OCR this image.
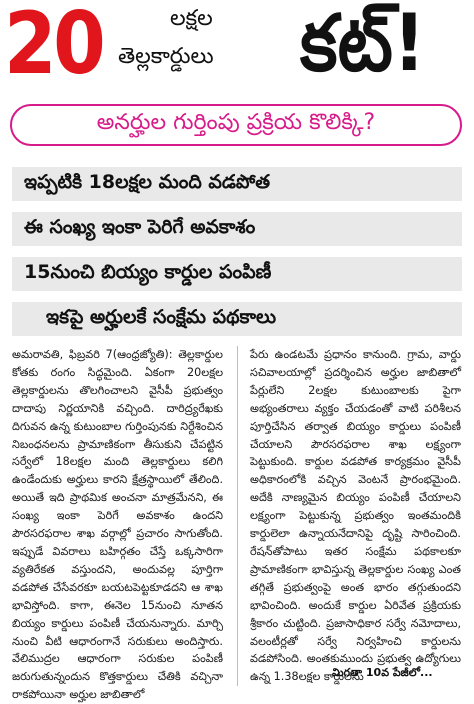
20	లక్షల
తెల్లకార్డులు కట్!
అనర్హుల గుర్తింపు ప్రక్రియ కొలిక్కి?
ఇప్పటికి 18లక్షల మంది వడపోత
ఈ సంఖ్య ఇంకా పెరిగే అవకాశం
15నుంచి బియ్యం కార్డుల పంపిణీ
ఇకపై అర్హులకే సంక్షేమ పథకాలు

అమరావతి, ఫిబ్రవరి 7(ఆంధ్రజ్యోతి): తెల్లకార్డుల కోతకు రంగం సిద్ధమైంది. ఏకంగా 20లక్షల తెల్లకార్డులను తొలగించాలని వైసీపీ ప్రభుత్వం దాదాపు నిర్ణయానికి వచ్చింది. దారిద్ర్యరేఖకు దిగువన ఉన్న కుటుంబాల గుర్తింపునకు నిర్దేశించిన నిబంధనలను ప్రామాణికంగా తీసుకుని చేపట్టిన సర్వేలో 18లక్షల మంది తెల్లకార్డులు కలిగి ఉండేందుకు అర్హులు కారని క్షేత్రస్థాయిలో తేలింది. అయితే ఇది ప్రాథమిక అంచనా మాత్రమేనని, ఈ సంఖ్య ఇంకా పెరిగే అవకాశం ఉందని పౌరసరఫరాల శాఖ వర్గాల్లో ప్రచారం సాగుతోంది. ఇప్పుడే వివరాలు బహిర్గతం చేస్తే ఒక్కసారిగా వ్యతిరేకత వస్తుందని, అందువల్ల పూర్తిగా వడపోత చేసేవరకూ బయటపెట్టకూడదని ఆ శాఖ భావిస్తోంది. కాగా, ఈనెల 15నుంచి నూతన బియ్యం కార్డులు పంపిణీ చేయనున్నారు. మార్చి నుంచి వీటి ఆధారంగానే సరుకులు అందిస్తారు. వేలిముద్రల ఆధారంగా సరుకుల పంపిణీ జరుగుతున్నందున కొత్తకార్డులు చేతికి వచ్చినా రాకపోయినా అర్హుల జాబితాలో

పేరు ఉండటమే ప్రధానం కానుంది. గ్రామ, వార్డు సచివాలయాల్లో ప్రదర్శించిన అర్హుల జాబితాలో పేర్లులేని 2లక్షల కుటుంబాలకు పైగా అభ్యంతరాలు వ్యక్తం చేయడంతో వాటి పరిశీలన పూర్తిచేసిన తర్వాత బియ్యం కార్డులు పంపిణీ చేయాలని పౌరసరఫరాల శాఖ లక్ష్యంగా పెట్టుకుంది. కార్డుల వడపోత కార్యక్రమం వైసీపీ అధికారంలోకి వచ్చిన వెంటనే ప్రారంభమైంది. అదేకి నాణ్యమైన బియ్యం పంపిణీ చేయాలని లక్ష్యంగా పెట్టుకున్న ప్రభుత్వం ఇంతమందికి కార్డులెలా ఉన్నాయనేదానిపై దృష్టి సారించింది. రేషన్‌తోపాటు ఇతర సంక్షేమ పథకాలకూ ప్రామాణికంగా భావిస్తున్న తెల్లకార్డుల సంఖ్య ఎంత తగ్గితే ప్రభుత్వంపై అంత భారం తగ్గుతుందని భావించింది. అందుకే కార్డుల ఏరివేత ప్రక్రియకు శ్రీకారం చుట్టింది. ప్రజాసాధికార సర్వే నమోదాలు, వలంటీర్లతో సర్వే నిర్వహించి కార్డులను వడపోసింది. అంతకుముందు ప్రభుత్వ ఉద్యోగులు ఉన్న 1.38లక్షల కార్డులను

మిగతా 10వ పేజీలో...
